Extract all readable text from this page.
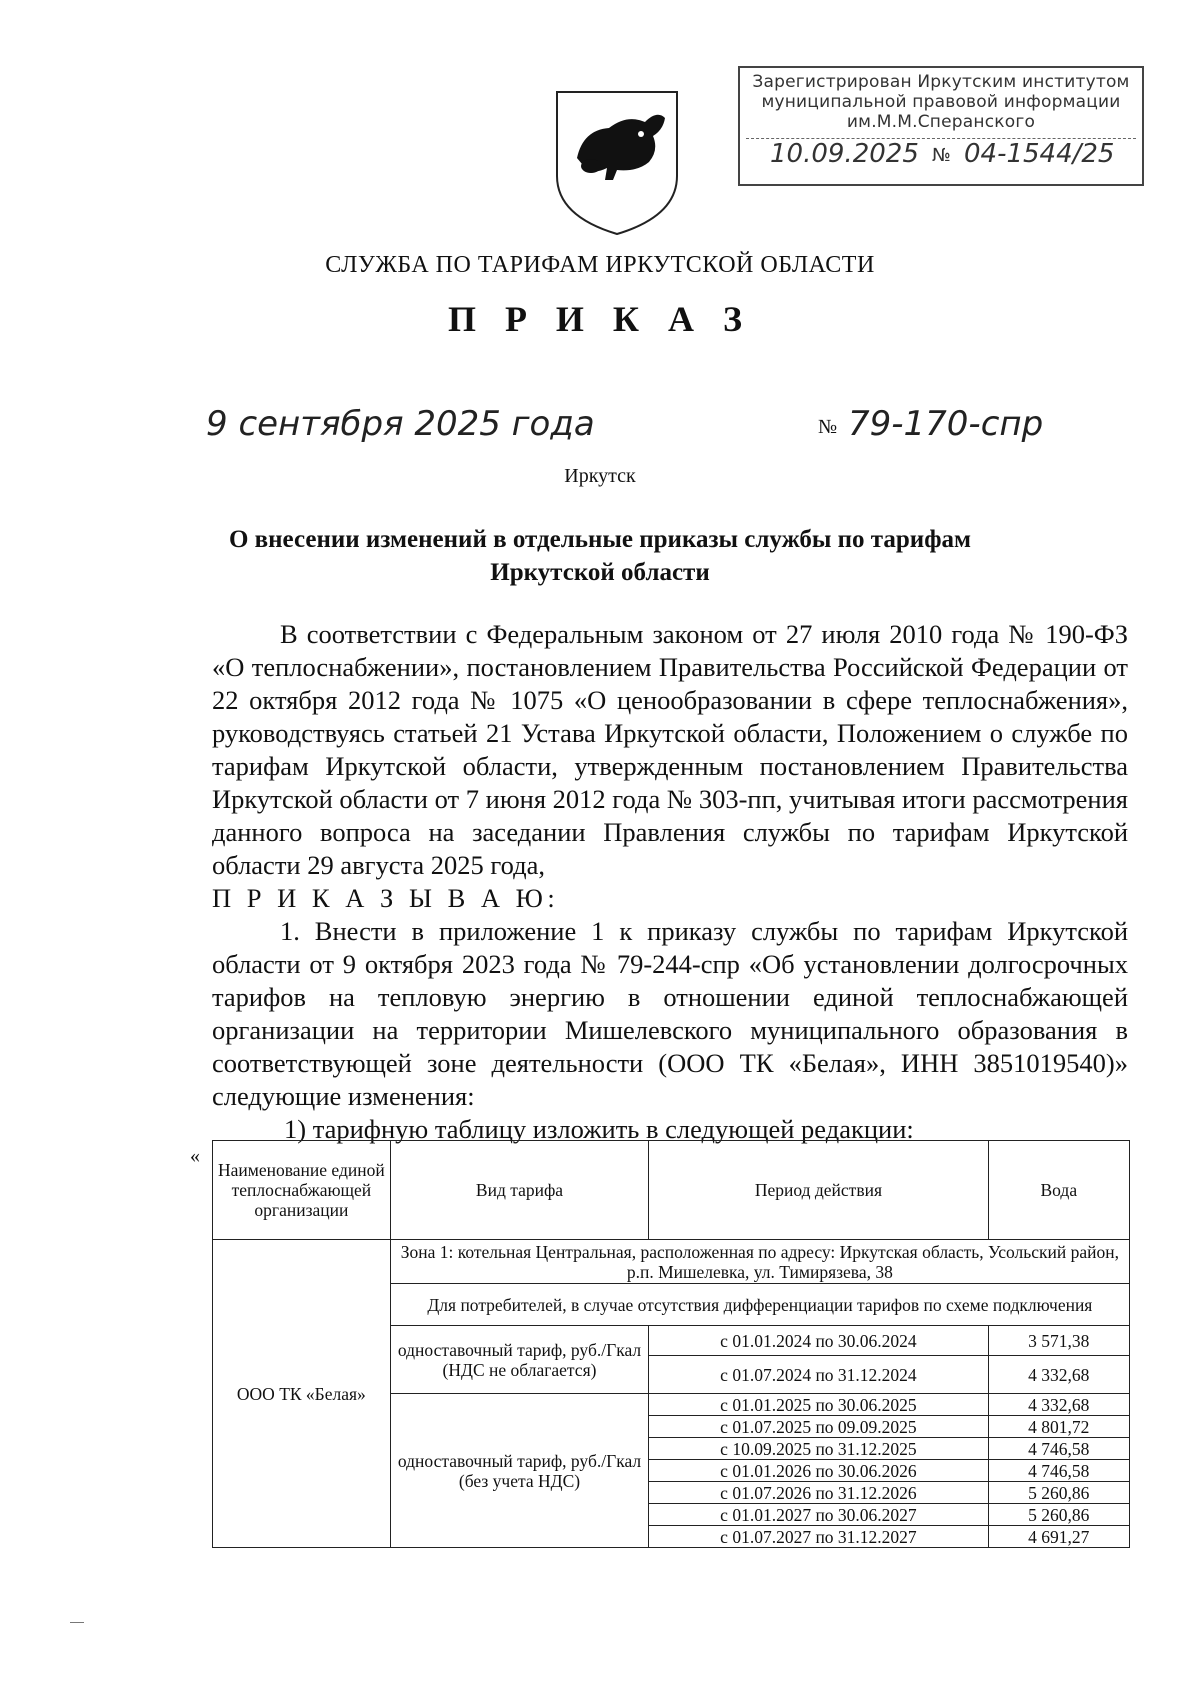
Зарегистрирован Иркутским институтом
муниципальной правовой информации
им.М.М.Сперанского
10.09.2025 № 04-1544/25
СЛУЖБА ПО ТАРИФАМ ИРКУТСКОЙ ОБЛАСТИ
П Р И К А З
9 сентября 2025 года	№ 79-170-спр
Иркутск
О внесении изменений в отдельные приказы службы по тарифам
Иркутской области

В соответствии с Федеральным законом от 27 июля 2010 года № 190-ФЗ «О теплоснабжении», постановлением Правительства Российской Федерации от 22 октября 2012 года № 1075 «О ценообразовании в сфере теплоснабжения», руководствуясь статьей 21 Устава Иркутской области, Положением о службе по тарифам Иркутской области, утвержденным постановлением Правительства Иркутской области от 7 июня 2012 года № 303-пп, учитывая итоги рассмотрения данного вопроса на заседании Правления службы по тарифам Иркутской области 29 августа 2025 года,

П Р И К А З Ы В А Ю:

1. Внести в приложение 1 к приказу службы по тарифам Иркутской области от 9 октября 2023 года № 79-244-спр «Об установлении долгосрочных тарифов на тепловую энергию в отношении единой теплоснабжающей организации на территории Мишелевского муниципального образования в соответствующей зоне деятельности (ООО ТК «Белая», ИНН 3851019540)» следующие изменения:

1) тарифную таблицу изложить в следующей редакции:

«
Наименование единой теплоснабжающей организации	Вид тарифа	Период действия	Вода
ООО ТК «Белая»	Зона 1: котельная Центральная, расположенная по адресу: Иркутская область, Усольский район, р.п. Мишелевка, ул. Тимирязева, 38		
	Для потребителей, в случае отсутствия дифференциации тарифов по схеме подключения		
	одноставочный тариф, руб./Гкал (НДС не облагается)	с 01.01.2024 по 30.06.2024	3 571,38
		с 01.07.2024 по 31.12.2024	4 332,68
	одноставочный тариф, руб./Гкал (без учета НДС)	с 01.01.2025 по 30.06.2025	4 332,68
		с 01.07.2025 по 09.09.2025	4 801,72
		с 10.09.2025 по 31.12.2025	4 746,58
		с 01.01.2026 по 30.06.2026	4 746,58
		с 01.07.2026 по 31.12.2026	5 260,86
		с 01.01.2027 по 30.06.2027	5 260,86
		с 01.07.2027 по 31.12.2027	4 691,27
